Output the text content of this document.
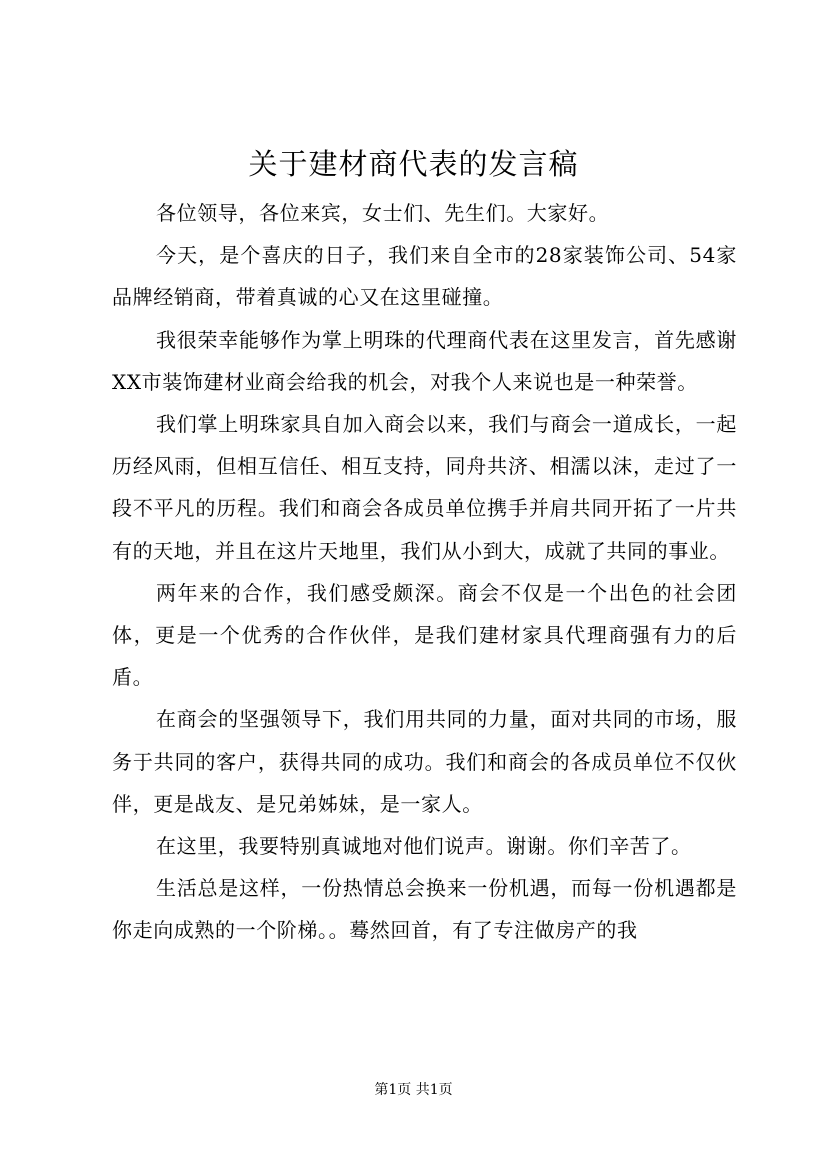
关于建材商代表的发言稿

各位领导，各位来宾，女士们、先生们。大家好。

今天，是个喜庆的日子，我们来自全市的28家装饰公司、54家品牌经销商，带着真诚的心又在这里碰撞。

我很荣幸能够作为掌上明珠的代理商代表在这里发言，首先感谢XX市装饰建材业商会给我的机会，对我个人来说也是一种荣誉。

我们掌上明珠家具自加入商会以来，我们与商会一道成长，一起历经风雨，但相互信任、相互支持，同舟共济、相濡以沫，走过了一段不平凡的历程。我们和商会各成员单位携手并肩共同开拓了一片共有的天地，并且在这片天地里，我们从小到大，成就了共同的事业。

两年来的合作，我们感受颇深。商会不仅是一个出色的社会团体，更是一个优秀的合作伙伴，是我们建材家具代理商强有力的后盾。

在商会的坚强领导下，我们用共同的力量，面对共同的市场，服务于共同的客户，获得共同的成功。我们和商会的各成员单位不仅伙伴，更是战友、是兄弟姊妹，是一家人。

在这里，我要特别真诚地对他们说声。谢谢。你们辛苦了。

生活总是这样，一份热情总会换来一份机遇，而每一份机遇都是你走向成熟的一个阶梯。。蓦然回首，有了专注做房产的我

第1页 共1页
